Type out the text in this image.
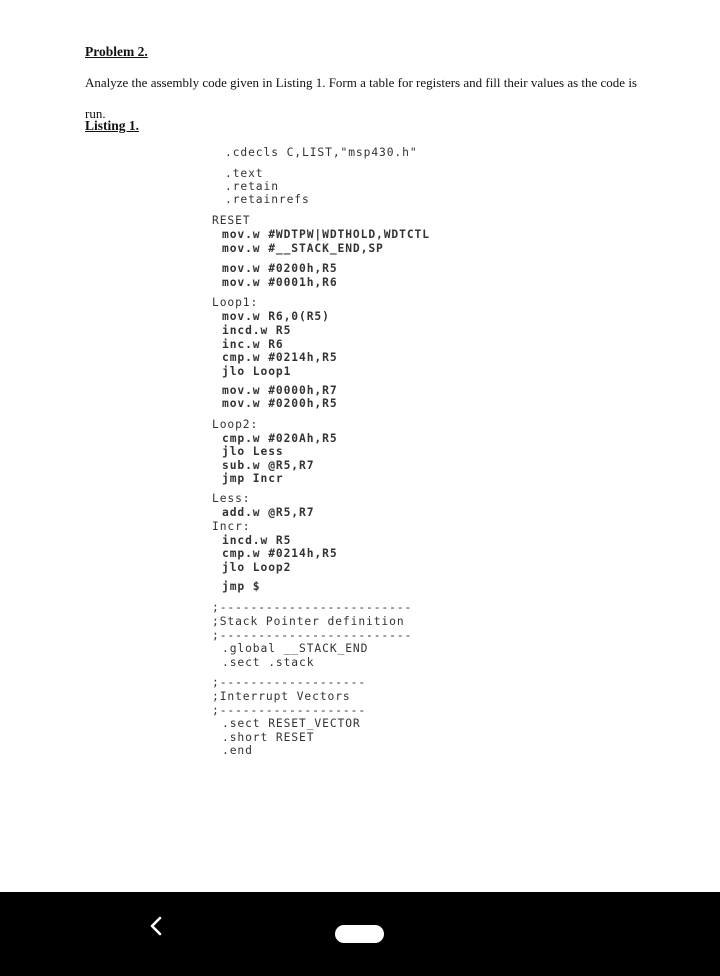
Problem 2.

Analyze the assembly code given in Listing 1. Form a table for registers and fill their values as the code is run.

Listing 1.
.cdecls C,LIST,"msp430.h"
.text
.retain
.retainrefs
RESET
mov.w #WDTPW|WDTHOLD,WDTCTL
mov.w #__STACK_END,SP
mov.w #0200h,R5
mov.w #0001h,R6
Loop1:
mov.w R6,0(R5)
incd.w R5
inc.w R6
cmp.w #0214h,R5
jlo Loop1
mov.w #0000h,R7
mov.w #0200h,R5
Loop2:
cmp.w #020Ah,R5
jlo Less
sub.w @R5,R7
jmp Incr
Less:
add.w @R5,R7
Incr:
incd.w R5
cmp.w #0214h,R5
jlo Loop2
jmp $
;-------------------------
;Stack Pointer definition
;-------------------------
.global __STACK_END
.sect .stack
;-------------------
;Interrupt Vectors
;-------------------
.sect RESET_VECTOR
.short RESET
.end
